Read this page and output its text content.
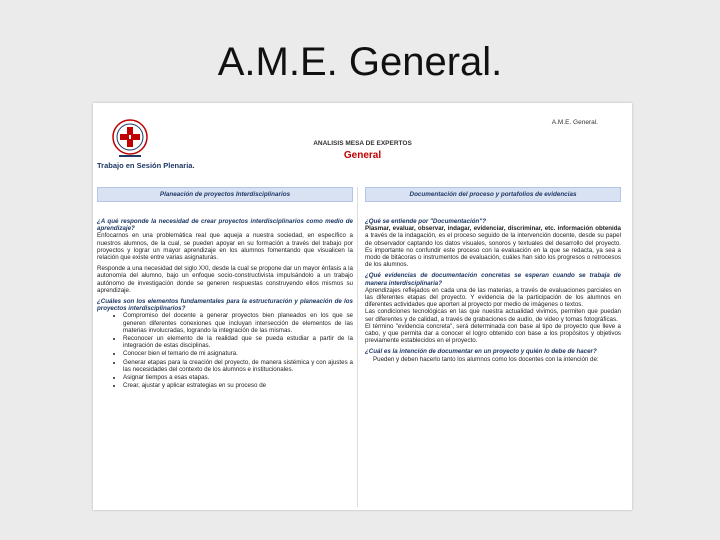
A.M.E. General.
A.M.E. General.
Trabajo en Sesión Plenaria.
ANALISIS MESA DE EXPERTOS
General
Planeación de proyectos Interdisciplinarios
¿A qué responde la necesidad de crear proyectos interdisciplinarios como medio de aprendizaje?
Enfocarnos en una problemática real que aqueja a nuestra sociedad, en específico a nuestros alumnos, de la cual, se pueden apoyar en su formación a través del trabajo por proyectos y lograr un mayor aprendizaje en los alumnos fomentando que visualicen la relación que existe entre varias asignaturas.
Responde a una necesidad del siglo XXI, desde la cual se propone dar un mayor énfasis a la autonomía del alumno, bajo un enfoque socio-constructivista impulsándolo a un trabajo autónomo de investigación donde se generen respuestas construyendo ellos mismos su aprendizaje.
¿Cuáles son los elementos fundamentales para la estructuración y planeación de los proyectos interdisciplinarios?
• Compromiso del docente a generar proyectos bien planeados en los que se generen diferentes conexiones que incluyan intersección de elementos de las materias involucradas, logrando la integración de las mismas.
• Reconocer un elemento de la realidad que se pueda estudiar a partir de la integración de estas disciplinas.
• Conocer bien el temario de mi asignatura.
• Generar etapas para la creación del proyecto, de manera sistémica y con ajustes a las necesidades del contexto de los alumnos e institucionales.
• Asignar tiempos a esas etapas.
• Crear, ajustar y aplicar estrategias en su proceso de
Documentación del proceso y portafolios de evidencias
¿Qué se entiende por "Documentación"?
Plasmar, evaluar, observar, indagar, evidenciar, discriminar, etc. información obtenida a través de la indagación, es el proceso seguido de la intervención docente, desde su papel de observador captando los datos visuales, sonoros y textuales del desarrollo del proyecto. Es importante no confundir este proceso con la evaluación en la que se redacta, ya sea a modo de bitácoras o instrumentos de evaluación, cuáles han sido los progresos o retrocesos de los alumnos.
¿Qué evidencias de documentación concretas se esperan cuando se trabaja de manera interdisciplinaria?
Aprendizajes reflejados en cada una de las materias, a través de evaluaciones parciales en las diferentes etapas del proyecto. Y evidencia de la participación de los alumnos en diferentes actividades que aporten al proyecto por medio de imágenes o textos.
Las condiciones tecnológicas en las que nuestra actualidad vivimos, permiten que puedan ser diferentes y de calidad, a través de grabaciones de audio, de video y tomas fotográficas.
El término "evidencia concreta", será determinada con base al tipo de proyecto que lleve a cabo, y que permita dar a conocer el logro obtenido con base a los propósitos y objetivos previamente establecidos en el proyecto.
¿Cuál es la intención de documentar en un proyecto y quién lo debe de hacer?
Pueden y deben hacerlo tanto los alumnos como los docentes con la intención de:
